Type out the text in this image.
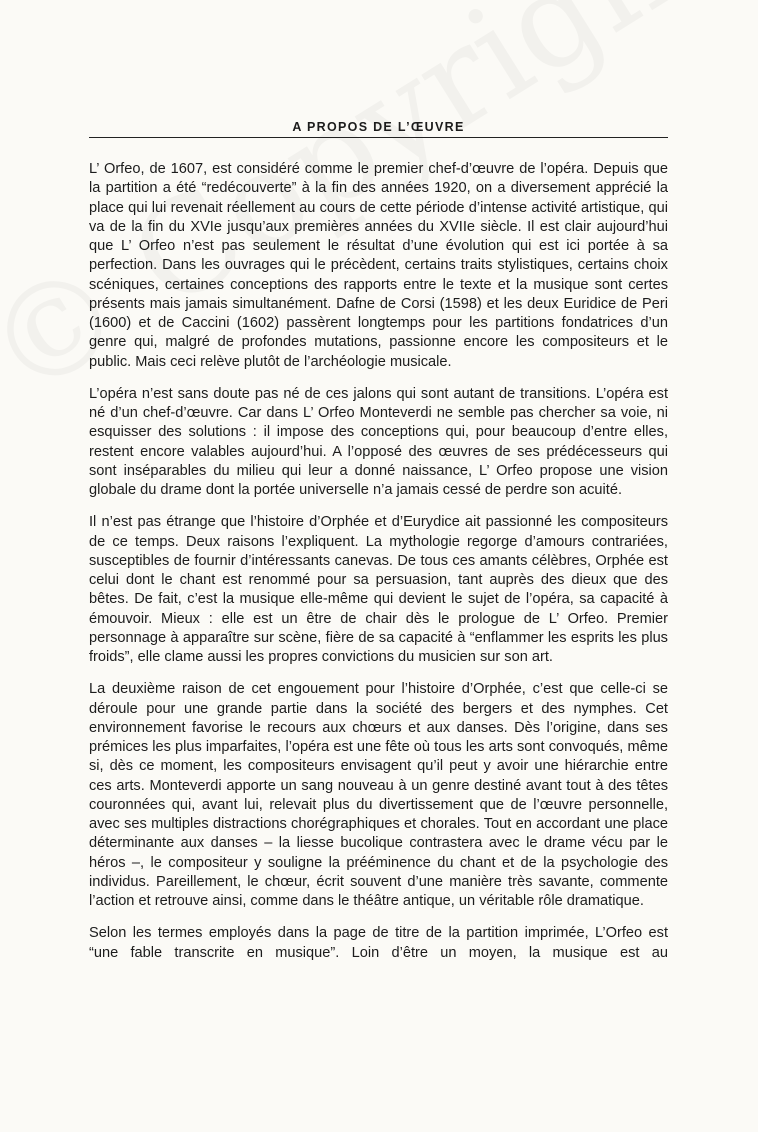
A PROPOS DE L’ŒUVRE

L’ Orfeo, de 1607, est considéré comme le premier chef-d’œuvre de l’opéra. Depuis que la partition a été “redécouverte” à la fin des années 1920, on a diversement apprécié la place qui lui revenait réellement au cours de cette période d’intense activité artistique, qui va de la fin du XVIe jusqu’aux premières années du XVIIe siècle. Il est clair aujourd’hui que L’ Orfeo n’est pas seulement le résultat d’une évolution qui est ici portée à sa perfection. Dans les ouvrages qui le précèdent, certains traits stylistiques, certains choix scéniques, certaines conceptions des rapports entre le texte et la musique sont certes présents mais jamais simultanément. Dafne de Corsi (1598) et les deux Euridice de Peri (1600) et de Caccini (1602) passèrent longtemps pour les partitions fondatrices d’un genre qui, malgré de profondes mutations, passionne encore les compositeurs et le public. Mais ceci relève plutôt de l’archéologie musicale.

L’opéra n’est sans doute pas né de ces jalons qui sont autant de transitions. L’opéra est né d’un chef-d’œuvre. Car dans L’ Orfeo Monteverdi ne semble pas chercher sa voie, ni esquisser des solutions : il impose des conceptions qui, pour beaucoup d’entre elles, restent encore valables aujourd’hui. A l’opposé des œuvres de ses prédécesseurs qui sont inséparables du milieu qui leur a donné naissance, L’ Orfeo propose une vision globale du drame dont la portée universelle n’a jamais cessé de perdre son acuité.

Il n’est pas étrange que l’histoire d’Orphée et d’Eurydice ait passionné les compositeurs de ce temps. Deux raisons l’expliquent. La mythologie regorge d’amours contrariées, susceptibles de fournir d’intéressants canevas. De tous ces amants célèbres, Orphée est celui dont le chant est renommé pour sa persuasion, tant auprès des dieux que des bêtes. De fait, c’est la musique elle-même qui devient le sujet de l’opéra, sa capacité à émouvoir. Mieux : elle est un être de chair dès le prologue de L’ Orfeo. Premier personnage à apparaître sur scène, fière de sa capacité à “enflammer les esprits les plus froids”, elle clame aussi les propres convictions du musicien sur son art.

La deuxième raison de cet engouement pour l’histoire d’Orphée, c’est que celle-ci se déroule pour une grande partie dans la société des bergers et des nymphes. Cet environnement favorise le recours aux chœurs et aux danses. Dès l’origine, dans ses prémices les plus imparfaites, l’opéra est une fête où tous les arts sont convoqués, même si, dès ce moment, les compositeurs envisagent qu’il peut y avoir une hiérarchie entre ces arts. Monteverdi apporte un sang nouveau à un genre destiné avant tout à des têtes couronnées qui, avant lui, relevait plus du divertissement que de l’œuvre personnelle, avec ses multiples distractions chorégraphiques et chorales. Tout en accordant une place déterminante aux danses – la liesse bucolique contrastera avec le drame vécu par le héros –, le compositeur y souligne la prééminence du chant et de la psychologie des individus. Pareillement, le chœur, écrit souvent d’une manière très savante, commente l’action et retrouve ainsi, comme dans le théâtre antique, un véritable rôle dramatique.

Selon les termes employés dans la page de titre de la partition imprimée, L’Orfeo est “une fable transcrite en musique”. Loin d’être un moyen, la musique est au
